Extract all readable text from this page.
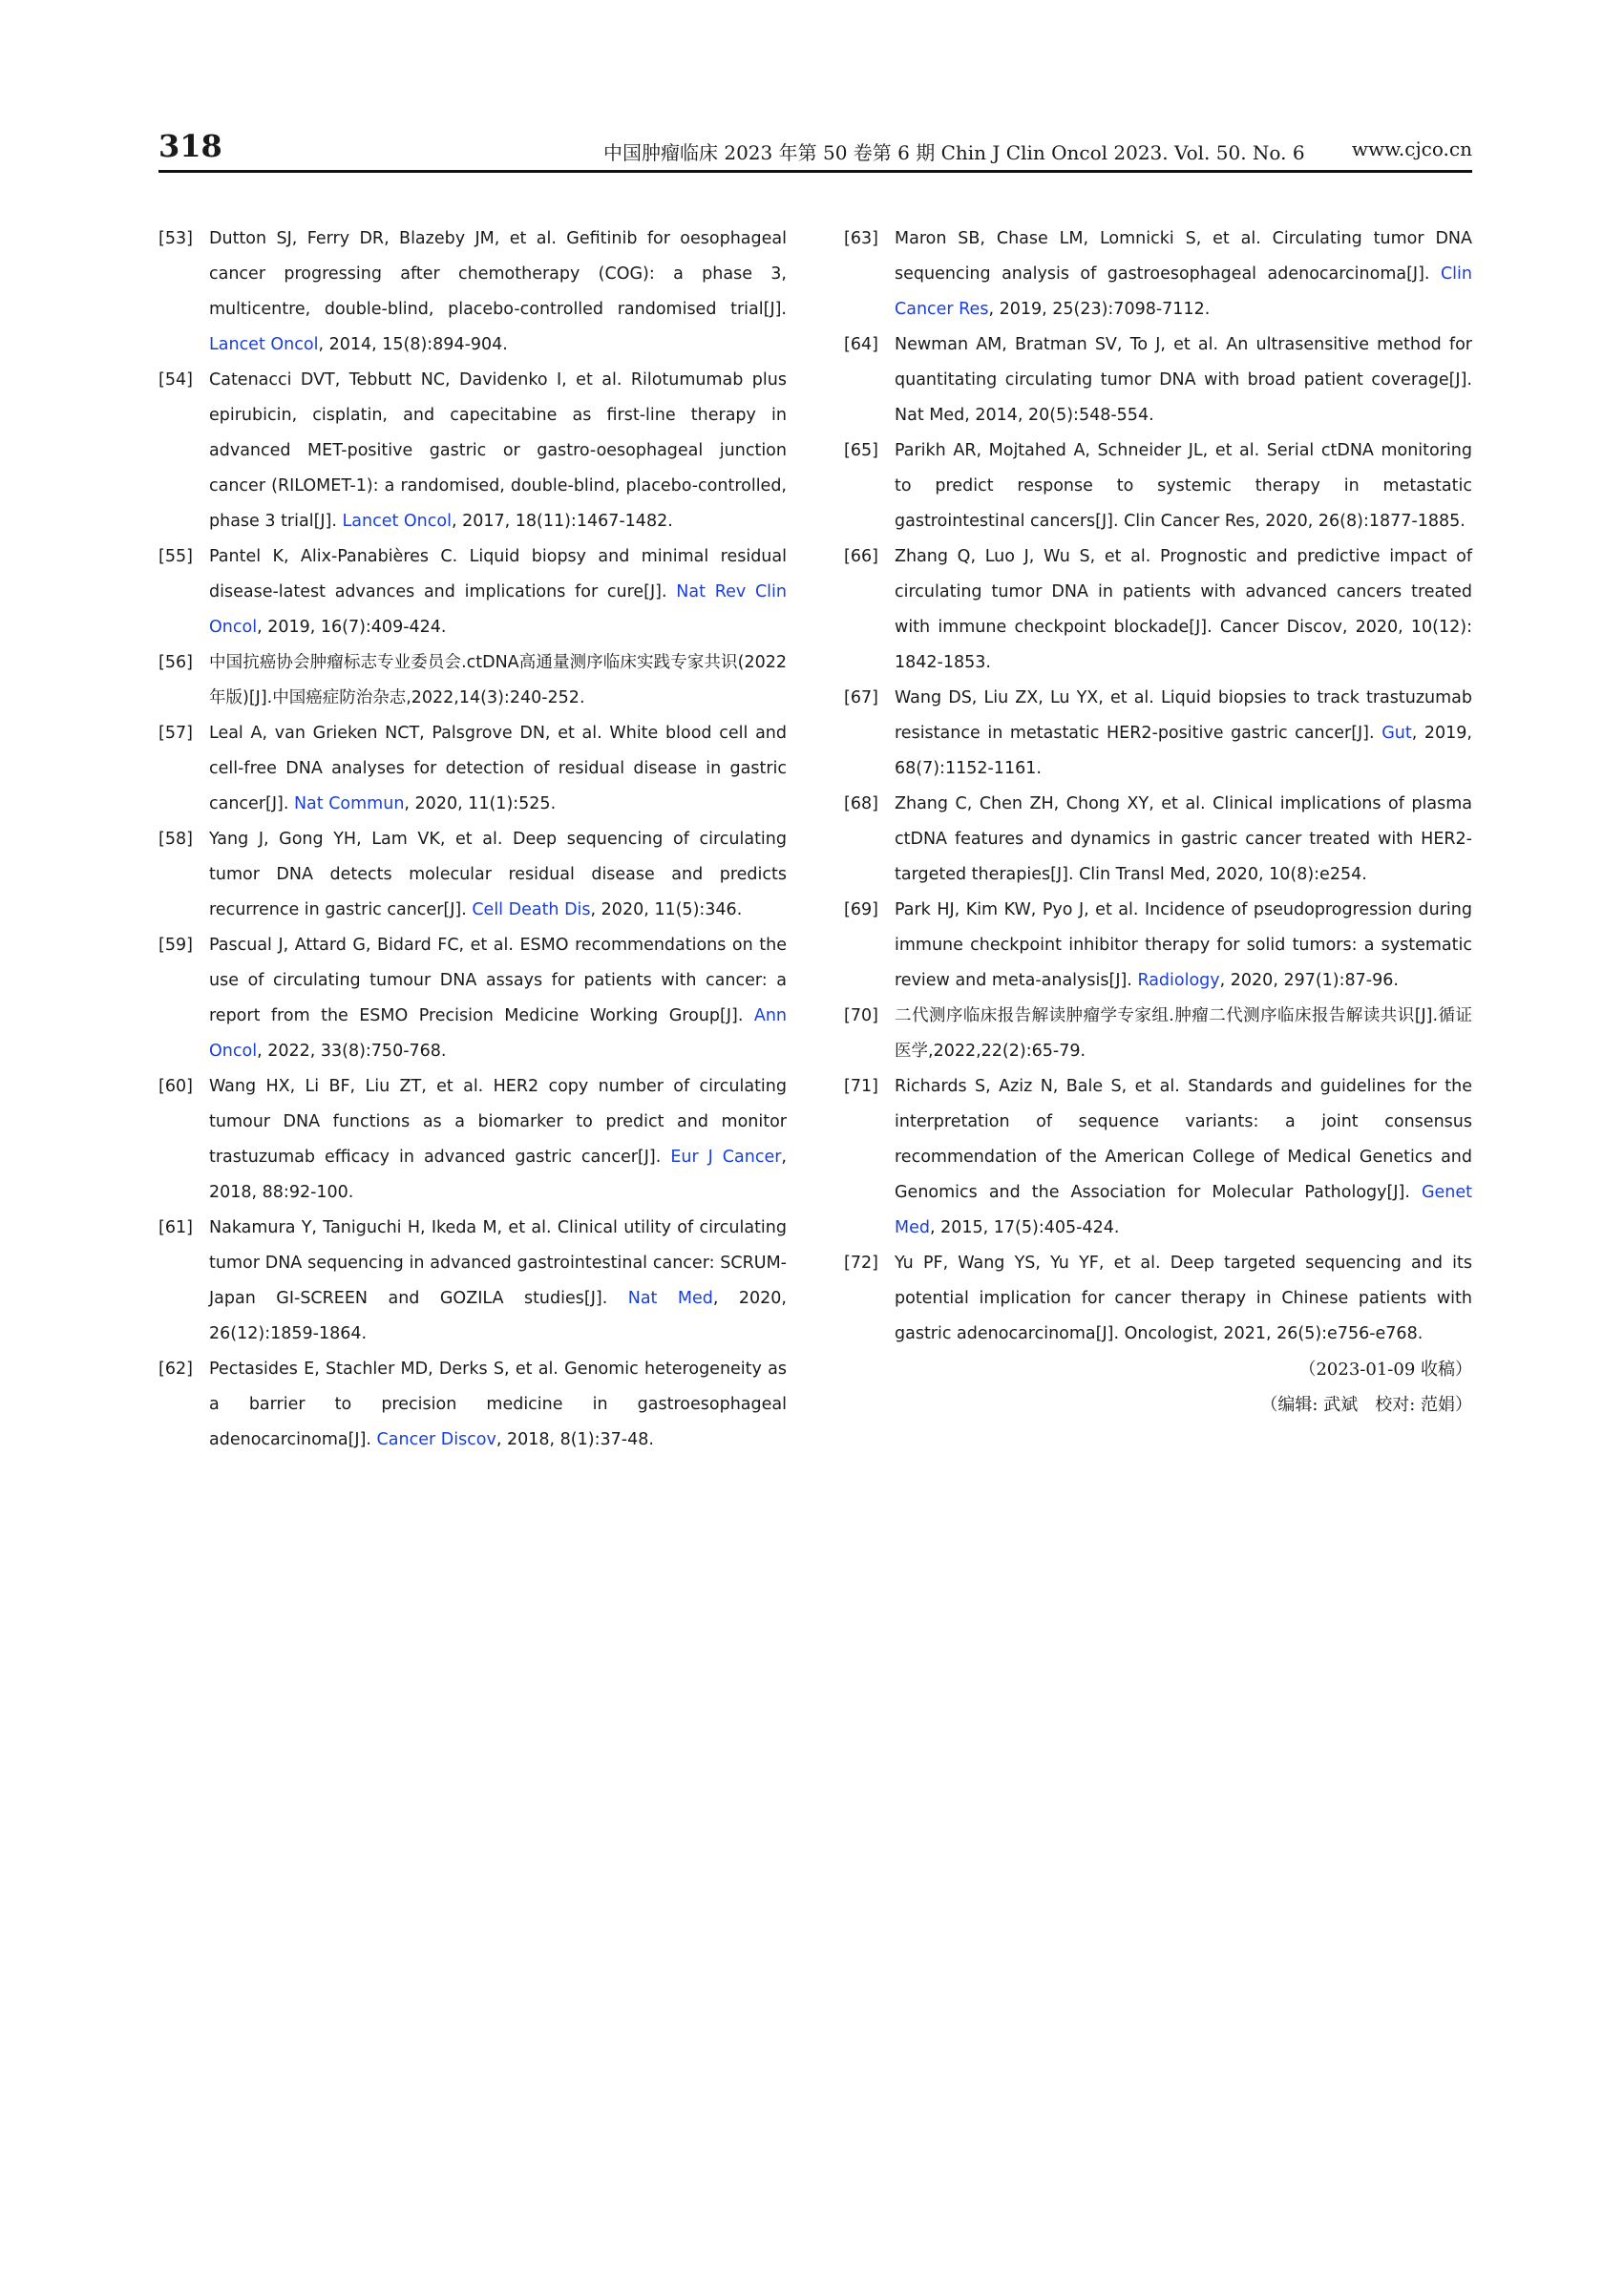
318	中国肿瘤临床 2023 年第 50 卷第 6 期 Chin J Clin Oncol 2023. Vol. 50. No. 6 www.cjco.cn
[53] Dutton SJ, Ferry DR, Blazeby JM, et al. Gefitinib for oesophageal cancer progressing after chemotherapy (COG): a phase 3, multicentre, double-blind, placebo-controlled randomised trial[J]. Lancet Oncol, 2014, 15(8):894-904.
[54] Catenacci DVT, Tebbutt NC, Davidenko I, et al. Rilotumumab plus epirubicin, cisplatin, and capecitabine as first-line therapy in advanced MET-positive gastric or gastro-oesophageal junction cancer (RILOMET-1): a randomised, double-blind, placebo-controlled, phase 3 trial[J]. Lancet Oncol, 2017, 18(11):1467-1482.
[55] Pantel K, Alix-Panabières C. Liquid biopsy and minimal residual disease-latest advances and implications for cure[J]. Nat Rev Clin Oncol, 2019, 16(7):409-424.
[56] 中国抗癌协会肿瘤标志专业委员会.ctDNA高通量测序临床实践专家共识(2022年版)[J].中国癌症防治杂志,2022,14(3):240-252.
[57] Leal A, van Grieken NCT, Palsgrove DN, et al. White blood cell and cell-free DNA analyses for detection of residual disease in gastric cancer[J]. Nat Commun, 2020, 11(1):525.
[58] Yang J, Gong YH, Lam VK, et al. Deep sequencing of circulating tumor DNA detects molecular residual disease and predicts recurrence in gastric cancer[J]. Cell Death Dis, 2020, 11(5):346.
[59] Pascual J, Attard G, Bidard FC, et al. ESMO recommendations on the use of circulating tumour DNA assays for patients with cancer: a report from the ESMO Precision Medicine Working Group[J]. Ann Oncol, 2022, 33(8):750-768.
[60] Wang HX, Li BF, Liu ZT, et al. HER2 copy number of circulating tumour DNA functions as a biomarker to predict and monitor trastuzumab efficacy in advanced gastric cancer[J]. Eur J Cancer, 2018, 88:92-100.
[61] Nakamura Y, Taniguchi H, Ikeda M, et al. Clinical utility of circulating tumor DNA sequencing in advanced gastrointestinal cancer: SCRUM-Japan GI-SCREEN and GOZILA studies[J]. Nat Med, 2020, 26(12):1859-1864.
[62] Pectasides E, Stachler MD, Derks S, et al. Genomic heterogeneity as a barrier to precision medicine in gastroesophageal adenocarcinoma[J]. Cancer Discov, 2018, 8(1):37-48.
[63] Maron SB, Chase LM, Lomnicki S, et al. Circulating tumor DNA sequencing analysis of gastroesophageal adenocarcinoma[J]. Clin Cancer Res, 2019, 25(23):7098-7112.
[64] Newman AM, Bratman SV, To J, et al. An ultrasensitive method for quantitating circulating tumor DNA with broad patient coverage[J]. Nat Med, 2014, 20(5):548-554.
[65] Parikh AR, Mojtahed A, Schneider JL, et al. Serial ctDNA monitoring to predict response to systemic therapy in metastatic gastrointestinal cancers[J]. Clin Cancer Res, 2020, 26(8):1877-1885.
[66] Zhang Q, Luo J, Wu S, et al. Prognostic and predictive impact of circulating tumor DNA in patients with advanced cancers treated with immune checkpoint blockade[J]. Cancer Discov, 2020, 10(12): 1842-1853.
[67] Wang DS, Liu ZX, Lu YX, et al. Liquid biopsies to track trastuzumab resistance in metastatic HER2-positive gastric cancer[J]. Gut, 2019, 68(7):1152-1161.
[68] Zhang C, Chen ZH, Chong XY, et al. Clinical implications of plasma ctDNA features and dynamics in gastric cancer treated with HER2-targeted therapies[J]. Clin Transl Med, 2020, 10(8):e254.
[69] Park HJ, Kim KW, Pyo J, et al. Incidence of pseudoprogression during immune checkpoint inhibitor therapy for solid tumors: a systematic review and meta-analysis[J]. Radiology, 2020, 297(1):87-96.
[70] 二代测序临床报告解读肿瘤学专家组.肿瘤二代测序临床报告解读共识[J].循证医学,2022,22(2):65-79.
[71] Richards S, Aziz N, Bale S, et al. Standards and guidelines for the interpretation of sequence variants: a joint consensus recommendation of the American College of Medical Genetics and Genomics and the Association for Molecular Pathology[J]. Genet Med, 2015, 17(5):405-424.
[72] Yu PF, Wang YS, Yu YF, et al. Deep targeted sequencing and its potential implication for cancer therapy in Chinese patients with gastric adenocarcinoma[J]. Oncologist, 2021, 26(5):e756-e768.
（2023-01-09 收稿）
（编辑: 武斌　校对: 范娟）
